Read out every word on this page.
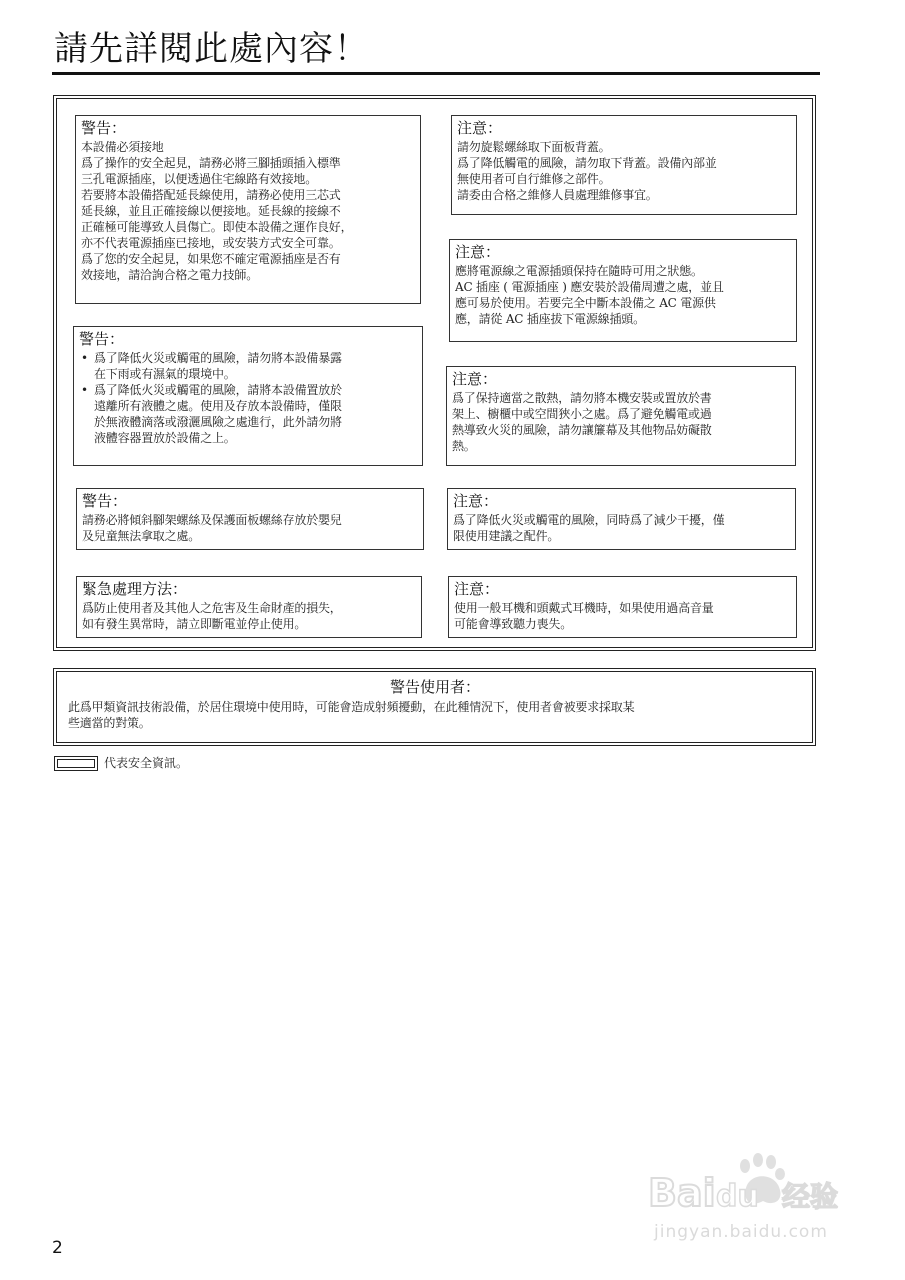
請先詳閱此處內容！
警告：
本設備必須接地
爲了操作的安全起見，請務必將三腳插頭插入標準
三孔電源插座，以便透過住宅線路有效接地。
若要將本設備搭配延長線使用，請務必使用三芯式
延長線，並且正確接線以便接地。延長線的接線不
正確極可能導致人員傷亡。即使本設備之運作良好，
亦不代表電源插座已接地，或安裝方式安全可靠。
爲了您的安全起見，如果您不確定電源插座是否有
效接地，請洽詢合格之電力技師。
警告：
• 爲了降低火災或觸電的風險，請勿將本設備暴露
在下雨或有濕氣的環境中。
• 爲了降低火災或觸電的風險，請將本設備置放於
遠離所有液體之處。使用及存放本設備時，僅限
於無液體滴落或潑灑風險之處進行，此外請勿將
液體容器置放於設備之上。
警告：
請務必將傾斜腳架螺絲及保護面板螺絲存放於嬰兒
及兒童無法拿取之處。
緊急處理方法：
爲防止使用者及其他人之危害及生命財產的損失，
如有發生異常時，請立即斷電並停止使用。
注意：
請勿旋鬆螺絲取下面板背蓋。
爲了降低觸電的風險，請勿取下背蓋。設備內部並
無使用者可自行維修之部件。
請委由合格之維修人員處理維修事宜。
注意：
應將電源線之電源插頭保持在隨時可用之狀態。
AC 插座 ( 電源插座 ) 應安裝於設備周遭之處，並且
應可易於使用。若要完全中斷本設備之 AC 電源供
應，請從 AC 插座拔下電源線插頭。
注意：
爲了保持適當之散熱，請勿將本機安裝或置放於書
架上、櫥櫃中或空間狹小之處。爲了避免觸電或過
熱導致火災的風險，請勿讓簾幕及其他物品妨礙散
熱。
注意：
爲了降低火災或觸電的風險，同時爲了減少干擾，僅
限使用建議之配件。
注意：
使用一般耳機和頭戴式耳機時，如果使用過高音量
可能會導致聽力喪失。
警告使用者：
此爲甲類資訊技術設備，於居住環境中使用時，可能會造成射頻擾動，在此種情況下，使用者會被要求採取某
些適當的對策。
代表安全資訊。
Bai du 经验
jingyan.baidu.com
2
